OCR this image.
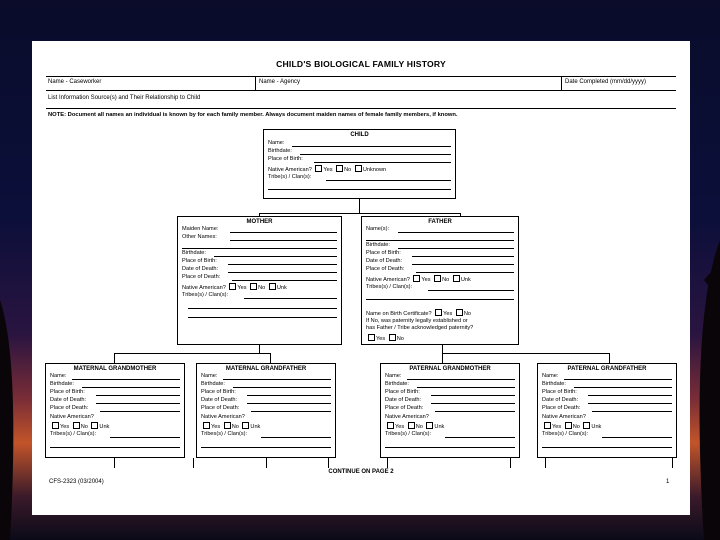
CHILD'S BIOLOGICAL FAMILY HISTORY
Name - Caseworker	Name - Agency	Date Completed (mm/dd/yyyy)
List Information Source(s) and Their Relationship to Child
NOTE: Document all names an individual is known by for each family member. Always document maiden names of female family members, if known.
CHILD
Name:
Birthdate:
Place of Birth:
Native American? Yes No Unknown
Tribe(s) / Clan(s):
MOTHER
Maiden Name:
Other Names:
Birthdate:
Place of Birth:
Date of Death:
Place of Death:
Native American? Yes No Unk
Tribes(s) / Clan(s):
FATHER
Name(s):
Birthdate:
Place of Birth:
Date of Death:
Place of Death:
Native American? Yes No Unk
Tribes(s) / Clan(s):
Name on Birth Certificate? Yes No
If No, was paternity legally established or
has Father / Tribe acknowledged paternity?
Yes No
MATERNAL GRANDMOTHER
Name:
Birthdate:
Place of Birth:
Date of Death:
Place of Death:
Native American?
Yes No Unk
Tribes(s) / Clan(s):
MATERNAL GRANDFATHER
Name:
Birthdate:
Place of Birth:
Date of Death:
Place of Death:
Native American?
Yes No Unk
Tribes(s) / Clan(s):
PATERNAL GRANDMOTHER
Name:
Birthdate:
Place of Birth:
Date of Death:
Place of Death:
Native American?
Yes No Unk
Tribes(s) / Clan(s):
PATERNAL GRANDFATHER
Name:
Birthdate:
Place of Birth:
Date of Death:
Place of Death:
Native American?
Yes No Unk
Tribes(s) / Clan(s):
CONTINUE ON PAGE 2
CFS-2323 (03/2004)	1
